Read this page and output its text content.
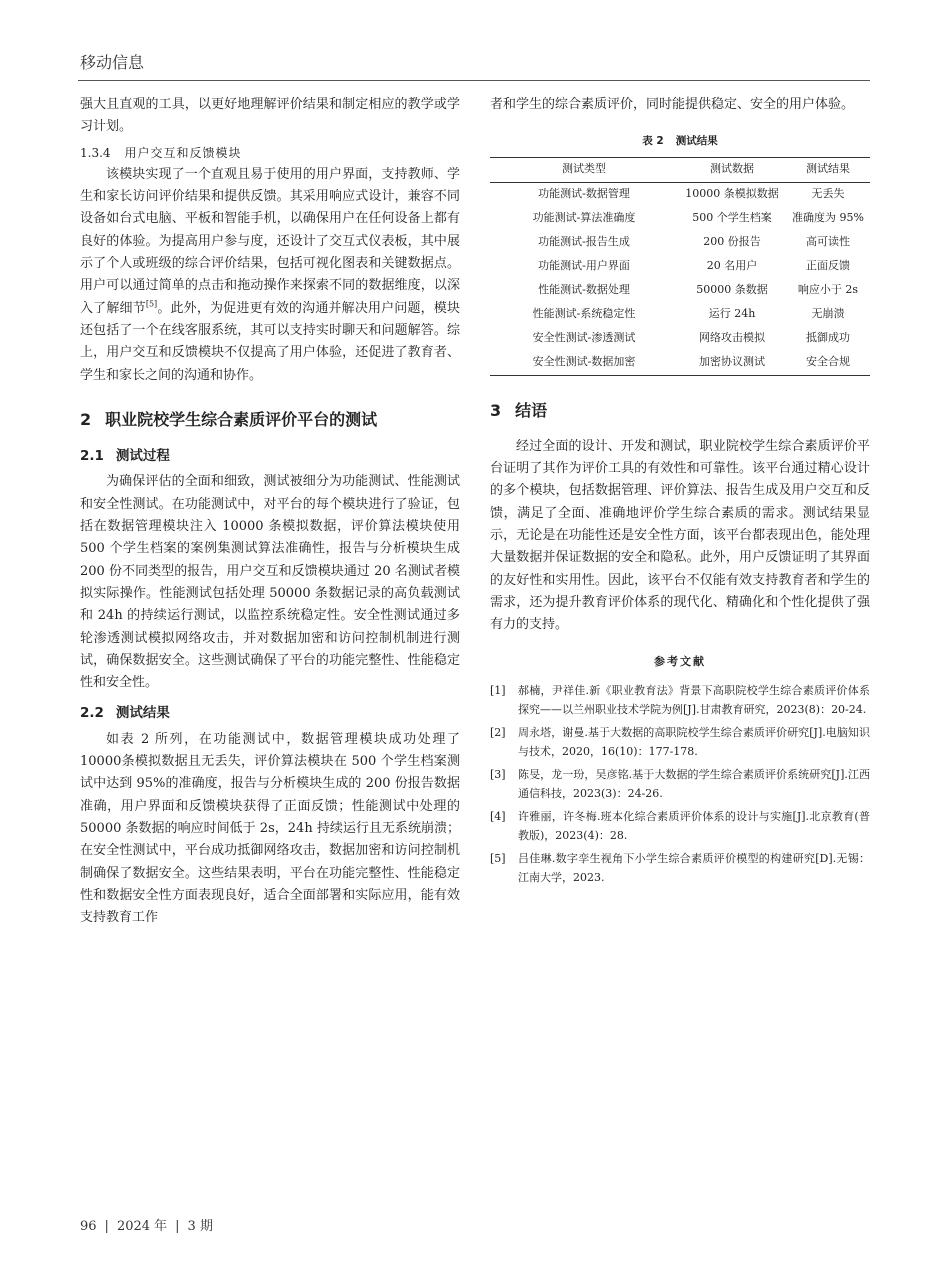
移动信息

强大且直观的工具，以更好地理解评价结果和制定相应的教学或学习计划。

1.3.4 用户交互和反馈模块

该模块实现了一个直观且易于使用的用户界面，支持教师、学生和家长访问评价结果和提供反馈。其采用响应式设计，兼容不同设备如台式电脑、平板和智能手机，以确保用户在任何设备上都有良好的体验。为提高用户参与度，还设计了交互式仪表板，其中展示了个人或班级的综合评价结果，包括可视化图表和关键数据点。用户可以通过简单的点击和拖动操作来探索不同的数据维度，以深入了解细节[5]。此外，为促进更有效的沟通并解决用户问题，模块还包括了一个在线客服系统，其可以支持实时聊天和问题解答。综上，用户交互和反馈模块不仅提高了用户体验，还促进了教育者、学生和家长之间的沟通和协作。

2 职业院校学生综合素质评价平台的测试
2.1 测试过程

为确保评估的全面和细致，测试被细分为功能测试、性能测试和安全性测试。在功能测试中，对平台的每个模块进行了验证，包括在数据管理模块注入 10000 条模拟数据，评价算法模块使用 500 个学生档案的案例集测试算法准确性，报告与分析模块生成 200 份不同类型的报告，用户交互和反馈模块通过 20 名测试者模拟实际操作。性能测试包括处理 50000 条数据记录的高负载测试和 24h 的持续运行测试，以监控系统稳定性。安全性测试通过多轮渗透测试模拟网络攻击，并对数据加密和访问控制机制进行测试，确保数据安全。这些测试确保了平台的功能完整性、性能稳定性和安全性。

2.2 测试结果

如表 2 所列，在功能测试中，数据管理模块成功处理了 10000条模拟数据且无丢失，评价算法模块在 500 个学生档案测试中达到 95%的准确度，报告与分析模块生成的 200 份报告数据准确，用户界面和反馈模块获得了正面反馈；性能测试中处理的 50000 条数据的响应时间低于 2s，24h 持续运行且无系统崩溃；在安全性测试中，平台成功抵御网络攻击，数据加密和访问控制机制确保了数据安全。这些结果表明，平台在功能完整性、性能稳定性和数据安全性方面表现良好，适合全面部署和实际应用，能有效支持教育工作

者和学生的综合素质评价，同时能提供稳定、安全的用户体验。

表 2 测试结果
测试类型	测试数据	测试结果
功能测试-数据管理	10000 条模拟数据	无丢失
功能测试-算法准确度	500 个学生档案	准确度为 95%
功能测试-报告生成	200 份报告	高可读性
功能测试-用户界面	20 名用户	正面反馈
性能测试-数据处理	50000 条数据	响应小于 2s
性能测试-系统稳定性	运行 24h	无崩溃
安全性测试-渗透测试	网络攻击模拟	抵御成功
安全性测试-数据加密	加密协议测试	安全合规
3 结语

经过全面的设计、开发和测试，职业院校学生综合素质评价平台证明了其作为评价工具的有效性和可靠性。该平台通过精心设计的多个模块，包括数据管理、评价算法、报告生成及用户交互和反馈，满足了全面、准确地评价学生综合素质的需求。测试结果显示，无论是在功能性还是安全性方面，该平台都表现出色，能处理大量数据并保证数据的安全和隐私。此外，用户反馈证明了其界面的友好性和实用性。因此，该平台不仅能有效支持教育者和学生的需求，还为提升教育评价体系的现代化、精确化和个性化提供了强有力的支持。

参考文献
[1]	郝楠，尹祥佳.新《职业教育法》背景下高职院校学生综合素质评价体系探究——以兰州职业技术学院为例[J].甘肃教育研究，2023(8)：20-24.
[2]	周永塔，谢曼.基于大数据的高职院校学生综合素质评价研究[J].电脑知识与技术，2020，16(10)：177-178.
[3]	陈旻，龙一玢，吴彦铭.基于大数据的学生综合素质评价系统研究[J].江西通信科技，2023(3)：24-26.
[4]	许雅丽，许冬梅.班本化综合素质评价体系的设计与实施[J].北京教育(普教版)，2023(4)：28.
[5]	吕佳琳.数字孪生视角下小学生综合素质评价模型的构建研究[D].无锡：江南大学，2023.
96 | 2024 年 | 3 期
